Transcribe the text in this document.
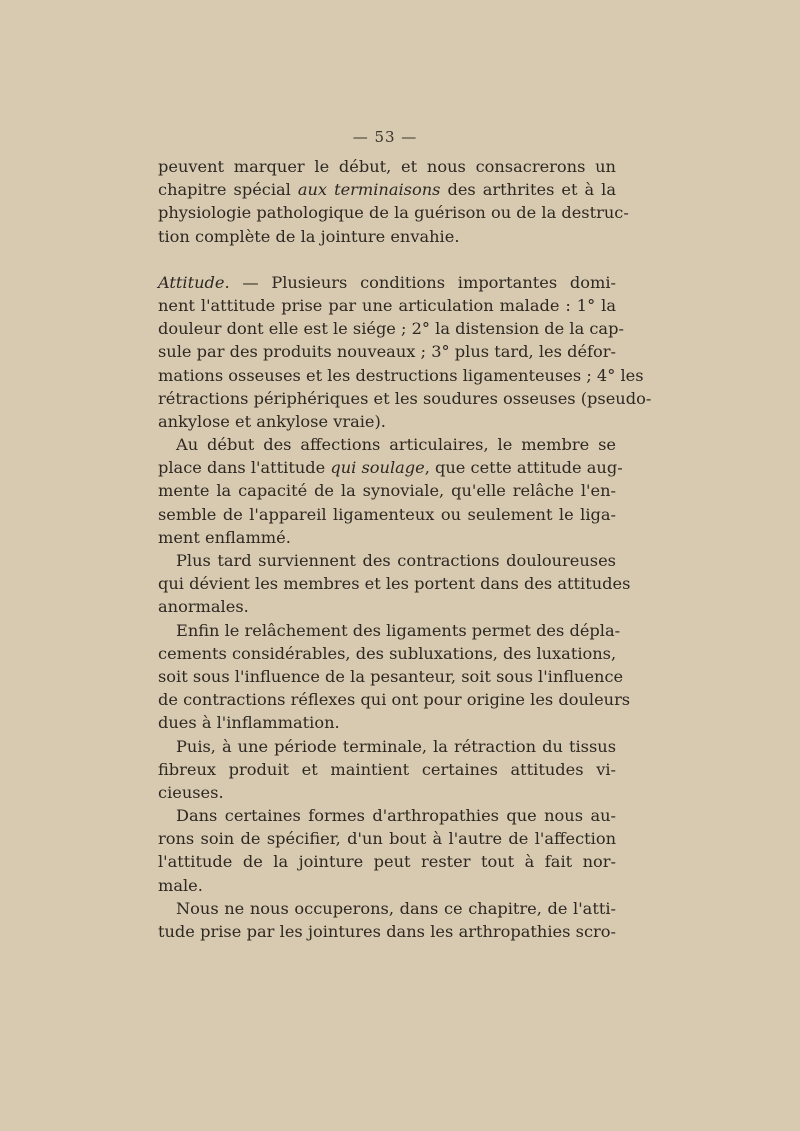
— 53 —
peuvent marquer le début, et nous consacrerons un
chapitre spécial aux terminaisons des arthrites et à la
physiologie pathologique de la guérison ou de la destruc-
tion complète de la jointure envahie.
Attitude. — Plusieurs conditions importantes domi-
nent l'attitude prise par une articulation malade : 1° la
douleur dont elle est le siége ; 2° la distension de la cap-
sule par des produits nouveaux ; 3° plus tard, les défor-
mations osseuses et les destructions ligamenteuses ; 4° les
rétractions périphériques et les soudures osseuses (pseudo-
ankylose et ankylose vraie).
Au début des affections articulaires, le membre se
place dans l'attitude qui soulage, que cette attitude aug-
mente la capacité de la synoviale, qu'elle relâche l'en-
semble de l'appareil ligamenteux ou seulement le liga-
ment enflammé.
Plus tard surviennent des contractions douloureuses
qui dévient les membres et les portent dans des attitudes
anormales.
Enfin le relâchement des ligaments permet des dépla-
cements considérables, des subluxations, des luxations,
soit sous l'influence de la pesanteur, soit sous l'influence
de contractions réflexes qui ont pour origine les douleurs
dues à l'inflammation.
Puis, à une période terminale, la rétraction du tissus
fibreux produit et maintient certaines attitudes vi-
cieuses.
Dans certaines formes d'arthropathies que nous au-
rons soin de spécifier, d'un bout à l'autre de l'affection
l'attitude de la jointure peut rester tout à fait nor-
male.
Nous ne nous occuperons, dans ce chapitre, de l'atti-
tude prise par les jointures dans les arthropathies scro-
